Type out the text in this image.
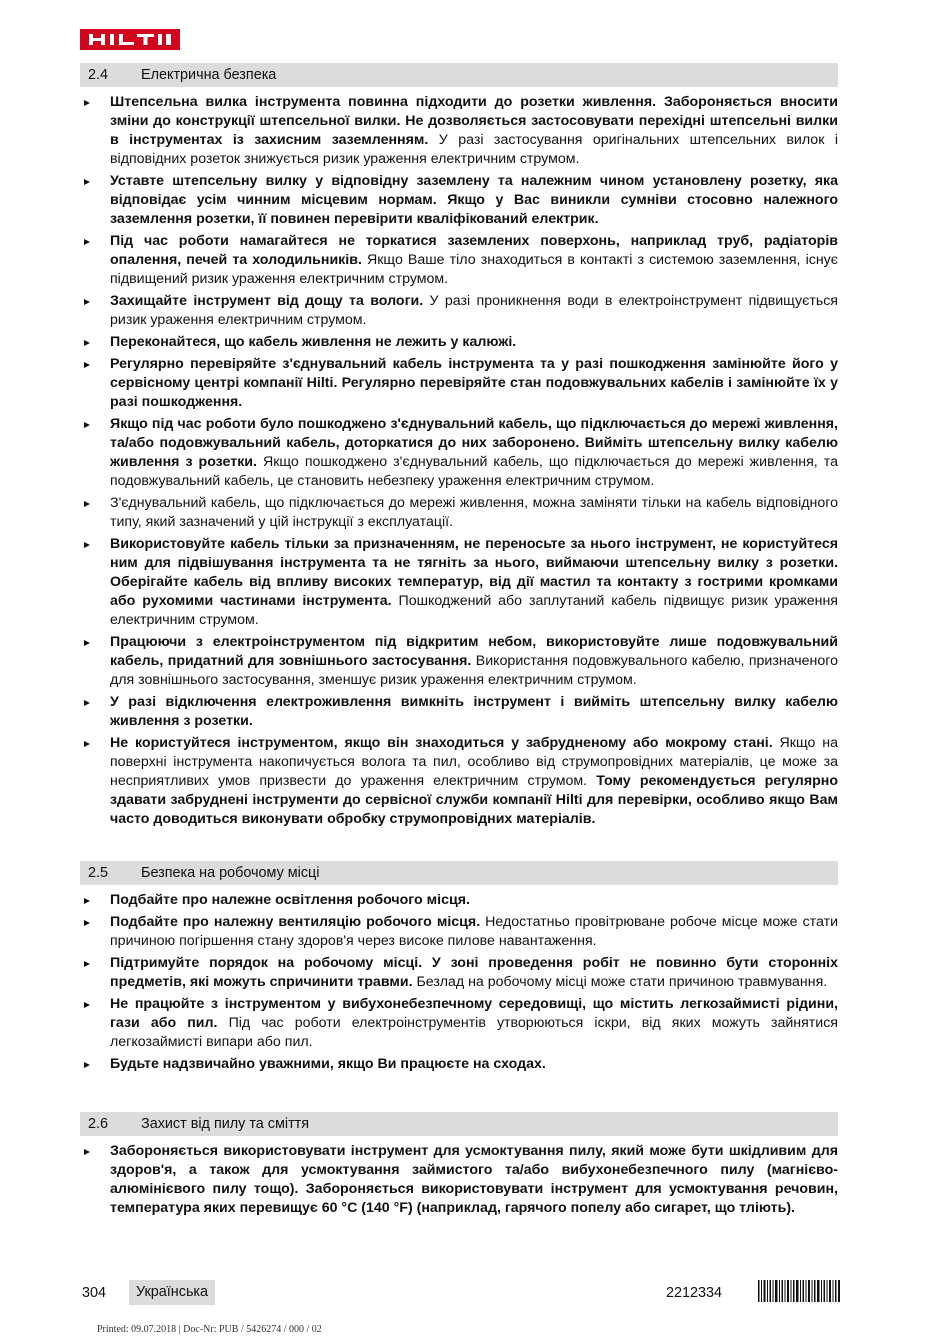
2.4 Електрична безпека
Штепсельна вилка інструмента повинна підходити до розетки живлення. Забороняється вносити зміни до конструкції штепсельної вилки. Не дозволяється застосовувати перехідні штепсельні вилки в інструментах із захисним заземленням. У разі застосування оригінальних штепсельних вилок і відповідних розеток знижується ризик ураження електричним струмом.
Уставте штепсельну вилку у відповідну заземлену та належним чином установлену розетку, яка відповідає усім чинним місцевим нормам. Якщо у Вас виникли сумніви стосовно належного заземлення розетки, її повинен перевірити кваліфікований електрик.
Під час роботи намагайтеся не торкатися заземлених поверхонь, наприклад труб, радіаторів опалення, печей та холодильників. Якщо Ваше тіло знаходиться в контакті з системою заземлення, існує підвищений ризик ураження електричним струмом.
Захищайте інструмент від дощу та вологи. У разі проникнення води в електроінструмент підвищується ризик ураження електричним струмом.
Переконайтеся, що кабель живлення не лежить у калюжі.
Регулярно перевіряйте з'єднувальний кабель інструмента та у разі пошкодження замінюйте його у сервісному центрі компанії Hilti. Регулярно перевіряйте стан подовжувальних кабелів і замінюйте їх у разі пошкодження.
Якщо під час роботи було пошкоджено з'єднувальний кабель, що підключається до мережі живлення, та/або подовжувальний кабель, доторкатися до них заборонено. Вийміть штепсельну вилку кабелю живлення з розетки. Якщо пошкоджено з'єднувальний кабель, що підключається до мережі живлення, та подовжувальний кабель, це становить небезпеку ураження електричним струмом.
З'єднувальний кабель, що підключається до мережі живлення, можна заміняти тільки на кабель відповідного типу, який зазначений у цій інструкції з експлуатації.
Використовуйте кабель тільки за призначенням, не переносьте за нього інструмент, не користуйтеся ним для підвішування інструмента та не тягніть за нього, виймаючи штепсельну вилку з розетки. Оберігайте кабель від впливу високих температур, від дії мастил та контакту з гострими кромками або рухомими частинами інструмента. Пошкоджений або заплутаний кабель підвищує ризик ураження електричним струмом.
Працюючи з електроінструментом під відкритим небом, використовуйте лише подовжувальний кабель, придатний для зовнішнього застосування. Використання подовжувального кабелю, призначеного для зовнішнього застосування, зменшує ризик ураження електричним струмом.
У разі відключення електроживлення вимкніть інструмент і вийміть штепсельну вилку кабелю живлення з розетки.
Не користуйтеся інструментом, якщо він знаходиться у забрудненому або мокрому стані. Якщо на поверхні інструмента накопичується волога та пил, особливо від струмопровідних матеріалів, це може за несприятливих умов призвести до ураження електричним струмом. Тому рекомендується регулярно здавати забруднені інструменти до сервісної служби компанії Hilti для перевірки, особливо якщо Вам часто доводиться виконувати обробку струмопровідних матеріалів.
2.5 Безпека на робочому місці
Подбайте про належне освітлення робочого місця.
Подбайте про належну вентиляцію робочого місця. Недостатньо провітрюване робоче місце може стати причиною погіршення стану здоров'я через високе пилове навантаження.
Підтримуйте порядок на робочому місці. У зоні проведення робіт не повинно бути сторонніх предметів, які можуть спричинити травми. Безлад на робочому місці може стати причиною травмування.
Не працюйте з інструментом у вибухонебезпечному середовищі, що містить легкозаймисті рідини, гази або пил. Під час роботи електроінструментів утворюються іскри, від яких можуть зайнятися легкозаймисті випари або пил.
Будьте надзвичайно уважними, якщо Ви працюєте на сходах.
2.6 Захист від пилу та сміття
Забороняється використовувати інструмент для усмоктування пилу, який може бути шкідливим для здоров'я, а також для усмоктування займистого та/або вибухонебезпечного пилу (магнієво-алюмінієвого пилу тощо). Забороняється використовувати інструмент для усмоктування речовин, температура яких перевищує 60 °C (140 °F) (наприклад, гарячого попелу або сигарет, що тліють).
304	Українська	2212334
Printed: 09.07.2018 | Doc-Nr: PUB / 5426274 / 000 / 02
